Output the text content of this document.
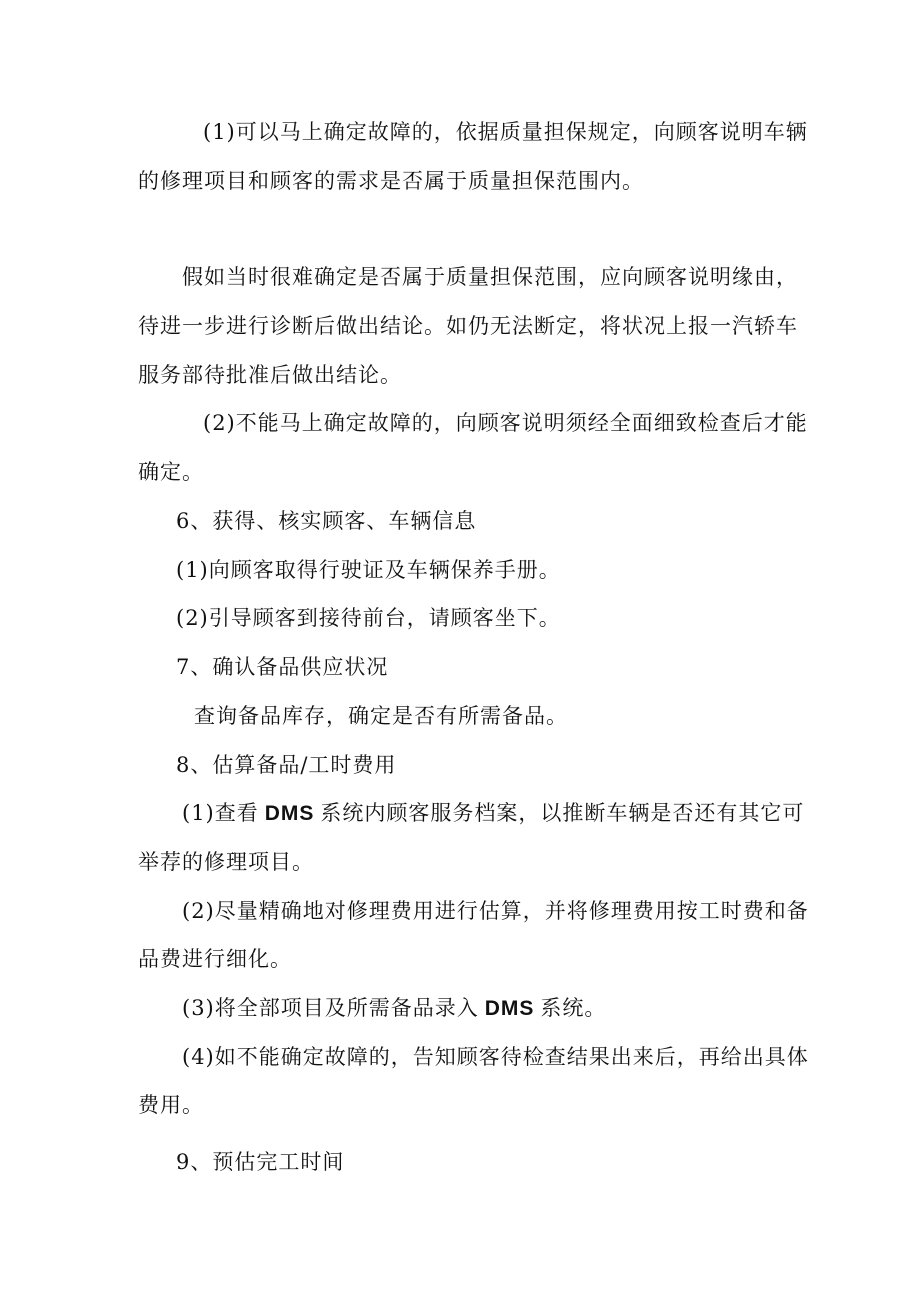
(1)可以马上确定故障的，依据质量担保规定，向顾客说明车辆
的修理项目和顾客的需求是否属于质量担保范围内。
假如当时很难确定是否属于质量担保范围，应向顾客说明缘由，
待进一步进行诊断后做出结论。如仍无法断定，将状况上报一汽轿车
服务部待批准后做出结论。
(2)不能马上确定故障的，向顾客说明须经全面细致检查后才能
确定。
6、获得、核实顾客、车辆信息
(1)向顾客取得行驶证及车辆保养手册。
(2)引导顾客到接待前台，请顾客坐下。
7、确认备品供应状况
查询备品库存，确定是否有所需备品。
8、估算备品/工时费用
(1)查看 DMS 系统内顾客服务档案，以推断车辆是否还有其它可
举荐的修理项目。
(2)尽量精确地对修理费用进行估算，并将修理费用按工时费和备
品费进行细化。
(3)将全部项目及所需备品录入 DMS 系统。
(4)如不能确定故障的，告知顾客待检查结果出来后，再给出具体
费用。
9、预估完工时间
